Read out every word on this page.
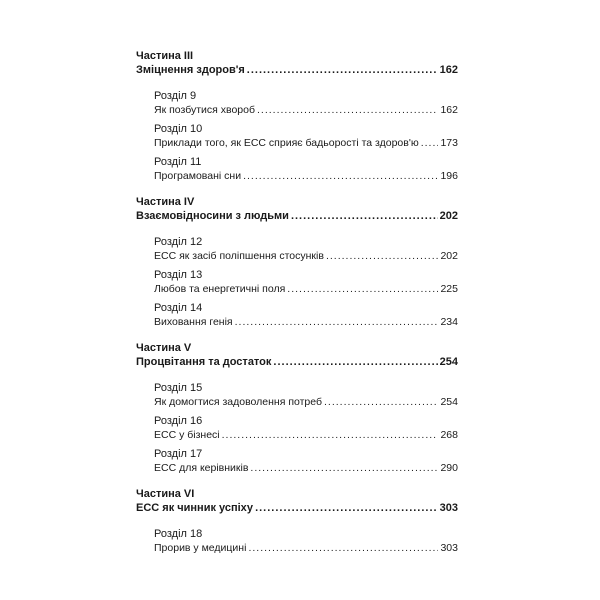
Частина III
Зміцнення здоров'я .....	162
Розділ 9
Як позбутися хвороб .....	162
Розділ 10
Приклади того, як ЕСС сприяє бадьорості та здоров'ю ..... 173
Розділ 11
Програмовані сни .....	196
Частина IV
Взаємовідносини з людьми .....	202
Розділ 12
ЕСС як засіб поліпшення стосунків .....	202
Розділ 13
Любов та енергетичні поля .....	225
Розділ 14
Виховання генія .....	234
Частина V
Процвітання та достаток .....	254
Розділ 15
Як домогтися задоволення потреб .....	254
Розділ 16
ЕСС у бізнесі .....	268
Розділ 17
ЕСС для керівників .....	290
Частина VI
ЕСС як чинник успіху .....	303
Розділ 18
Прорив у медицині .....	303
